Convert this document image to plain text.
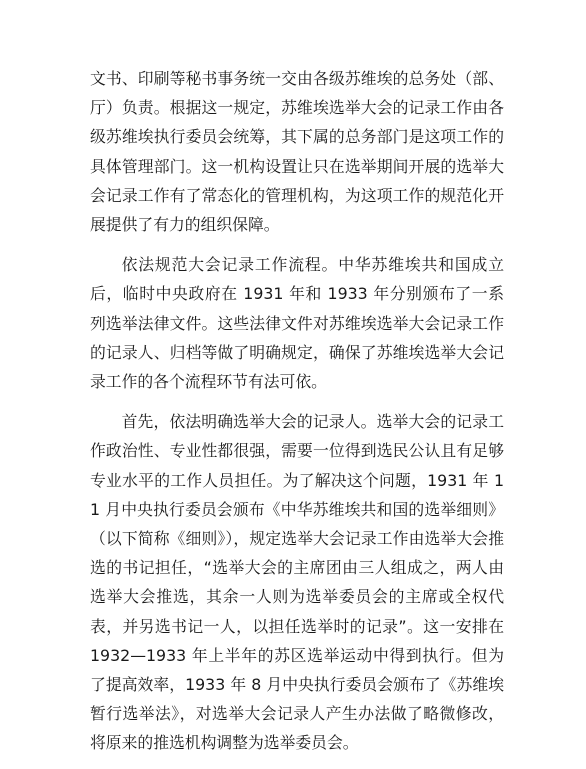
文书、印刷等秘书事务统一交由各级苏维埃的总务处（部、厅）负责。根据这一规定，苏维埃选举大会的记录工作由各级苏维埃执行委员会统筹，其下属的总务部门是这项工作的具体管理部门。这一机构设置让只在选举期间开展的选举大会记录工作有了常态化的管理机构，为这项工作的规范化开展提供了有力的组织保障。

依法规范大会记录工作流程。中华苏维埃共和国成立后，临时中央政府在 1931 年和 1933 年分别颁布了一系列选举法律文件。这些法律文件对苏维埃选举大会记录工作的记录人、归档等做了明确规定，确保了苏维埃选举大会记录工作的各个流程环节有法可依。

首先，依法明确选举大会的记录人。选举大会的记录工作政治性、专业性都很强，需要一位得到选民公认且有足够专业水平的工作人员担任。为了解决这个问题，1931 年 11 月中央执行委员会颁布《中华苏维埃共和国的选举细则》（以下简称《细则》），规定选举大会记录工作由选举大会推选的书记担任，“选举大会的主席团由三人组成之，两人由选举大会推选，其余一人则为选举委员会的主席或全权代表，并另选书记一人，以担任选举时的记录”。这一安排在 1932—1933 年上半年的苏区选举运动中得到执行。但为了提高效率，1933 年 8 月中央执行委员会颁布了《苏维埃暂行选举法》，对选举大会记录人产生办法做了略微修改，将原来的推选机构调整为选举委员会。
